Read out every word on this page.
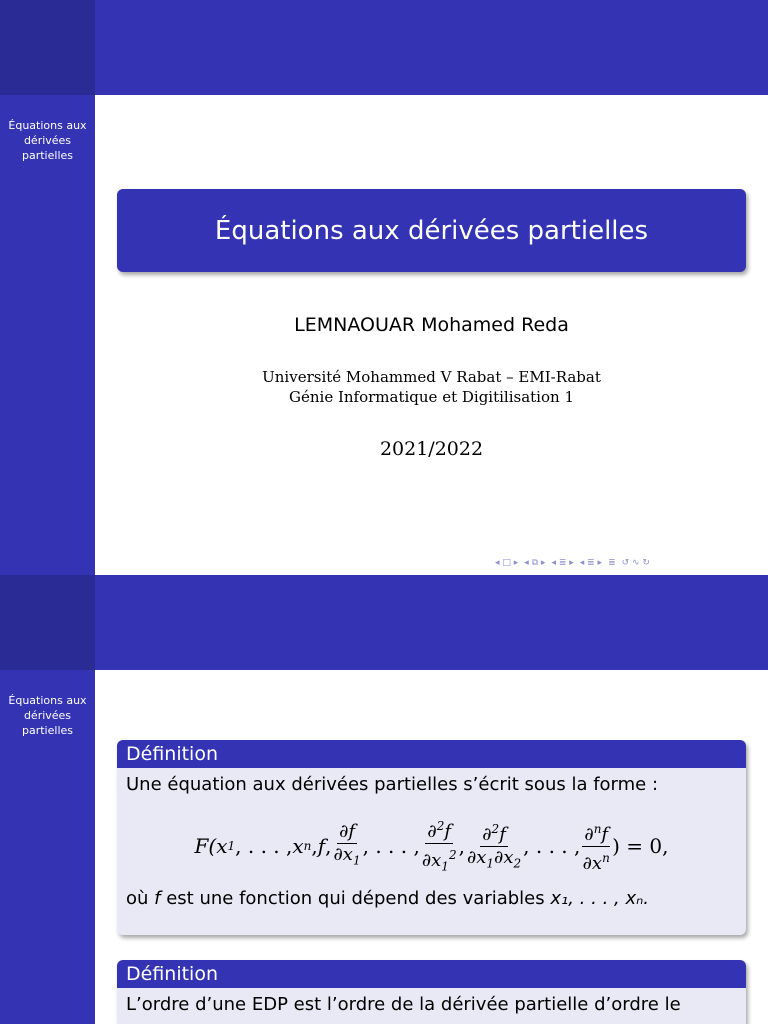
Équations aux
dérivées
partielles
Équations aux dérivées partielles
LEMNAOUAR Mohamed Reda
Université Mohammed V Rabat – EMI-Rabat
Génie Informatique et Digitilisation 1
2021/2022
◂ □ ▸ ◂ ⧉ ▸ ◂ ≣ ▸ ◂ ≣ ▸ ≣ ↺ ∿ ↻
Équations aux
dérivées
partielles
Définition
Une équation aux dérivées partielles s’écrit sous la forme :
F(x 1 , . . . , x n , f , $\frac{\partial f}{\partial x_1}$ , . . . , $\frac{\partial^2f}{\partial x_1^2}$ , $\frac{\partial^2f}{\partial x_1\partial x_2}$ , . . . , $\frac{\partial^nf}{\partial x^n}$ ) = 0,
où f est une fonction qui dépend des variables x₁, . . . , xₙ.
Définition
L’ordre d’une EDP est l’ordre de la dérivée partielle d’ordre le
